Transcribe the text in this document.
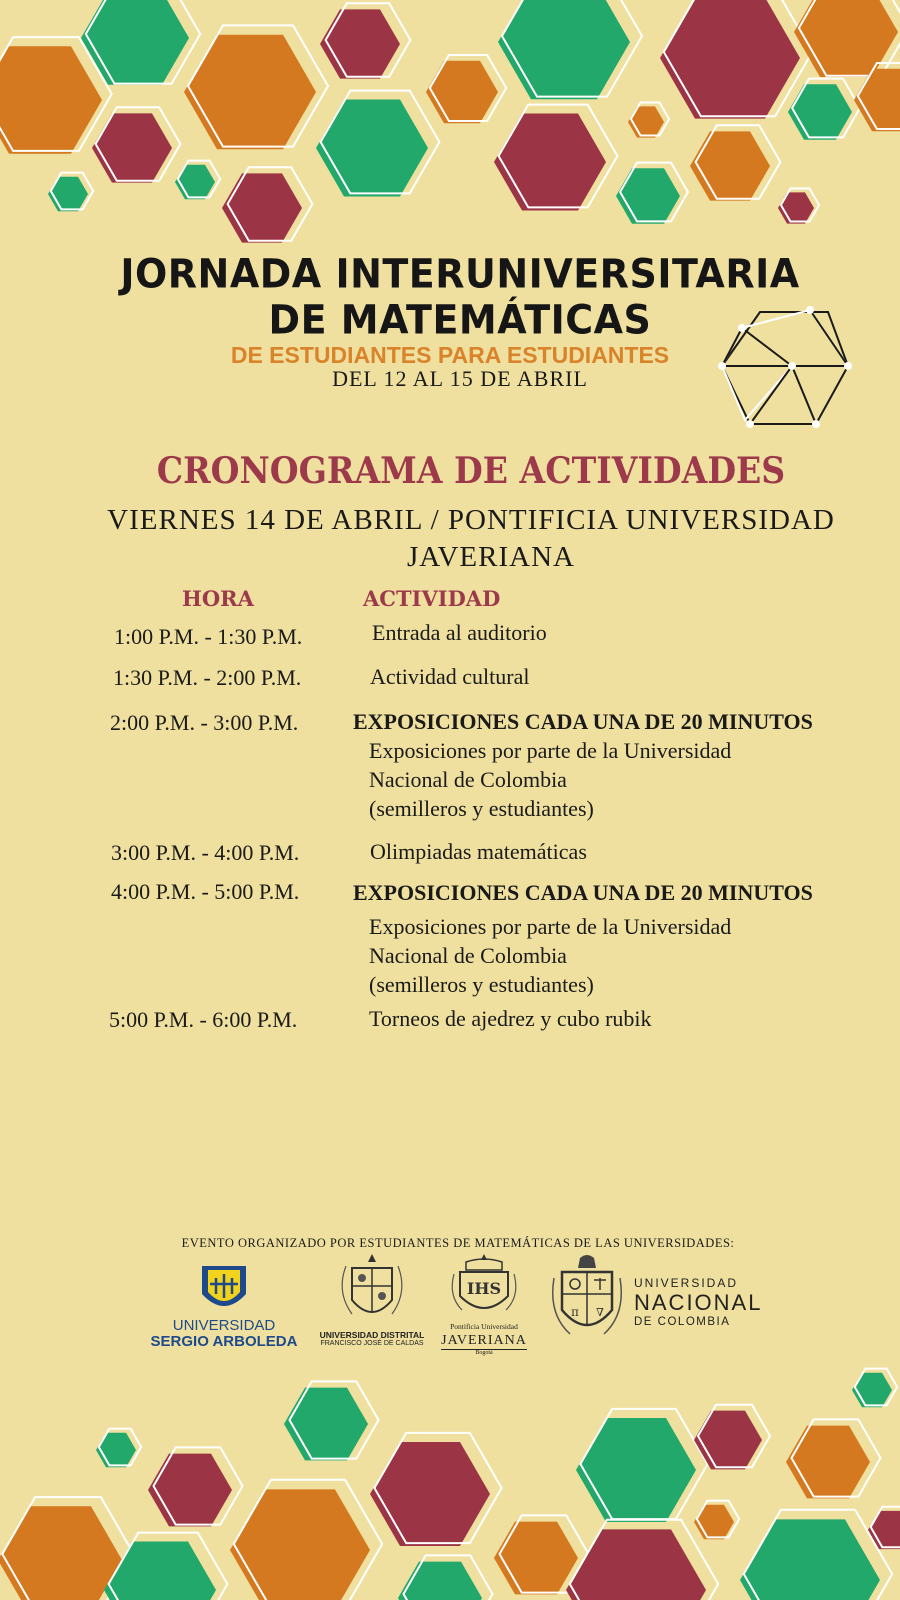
JORNADA INTERUNIVERSITARIA
DE MATEMÁTICAS
DE ESTUDIANTES PARA ESTUDIANTES
DEL 12 AL 15 DE ABRIL
CRONOGRAMA DE ACTIVIDADES
VIERNES 14 DE ABRIL / PONTIFICIA UNIVERSIDAD
JAVERIANA
HORA	ACTIVIDAD
1:00 P.M. - 1:30 P.M.	Entrada al auditorio
1:30 P.M. - 2:00 P.M.	Actividad cultural
2:00 P.M. - 3:00 P.M. EXPOSICIONES CADA UNA DE 20 MINUTOS
Exposiciones por parte de la Universidad
Nacional de Colombia
(semilleros y estudiantes)
3:00 P.M. - 4:00 P.M.	Olimpiadas matemáticas
4:00 P.M. - 5:00 P.M. EXPOSICIONES CADA UNA DE 20 MINUTOS
Exposiciones por parte de la Universidad
Nacional de Colombia
(semilleros y estudiantes)
5:00 P.M. - 6:00 P.M.	Torneos de ajedrez y cubo rubik
EVENTO ORGANIZADO POR ESTUDIANTES DE MATEMÁTICAS DE LAS UNIVERSIDADES:
UNIVERSIDAD
SERGIO ARBOLEDA	UNIVERSIDAD DISTRITAL
FRANCISCO JOSÉ DE CALDAS
IHS
Pontificia Universidad
JAVERIANA
Bogotá
π ∇
UNIVERSIDAD
NACIONAL
DE COLOMBIA
